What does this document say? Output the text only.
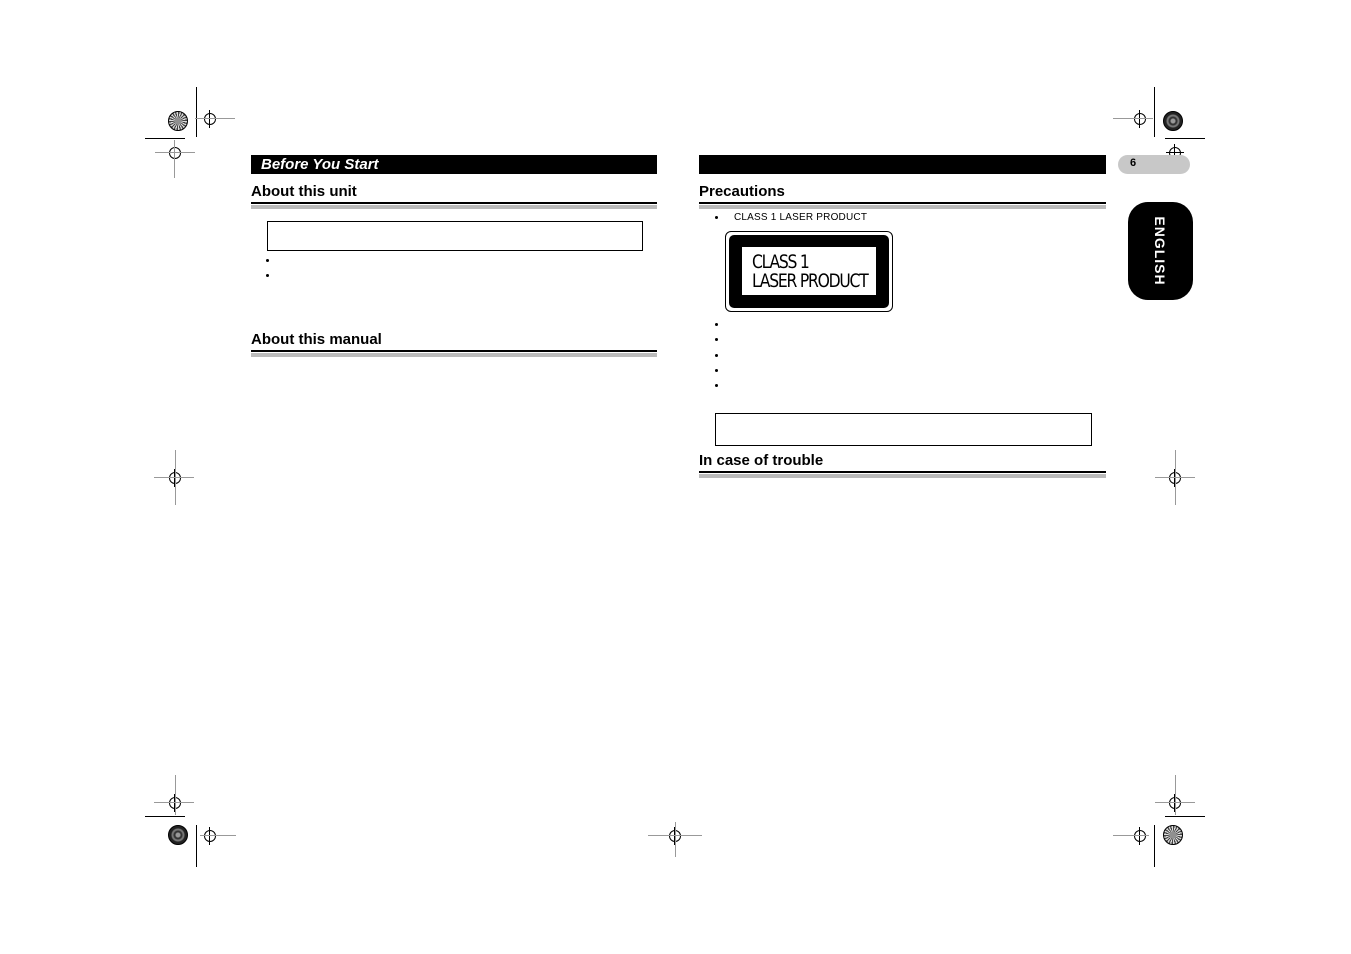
Before You Start
About this unit
About this manual
Precautions
CLASS 1 LASER PRODUCT
CLASS 1
LASER PRODUCT
In case of trouble
6
ENGLISH
